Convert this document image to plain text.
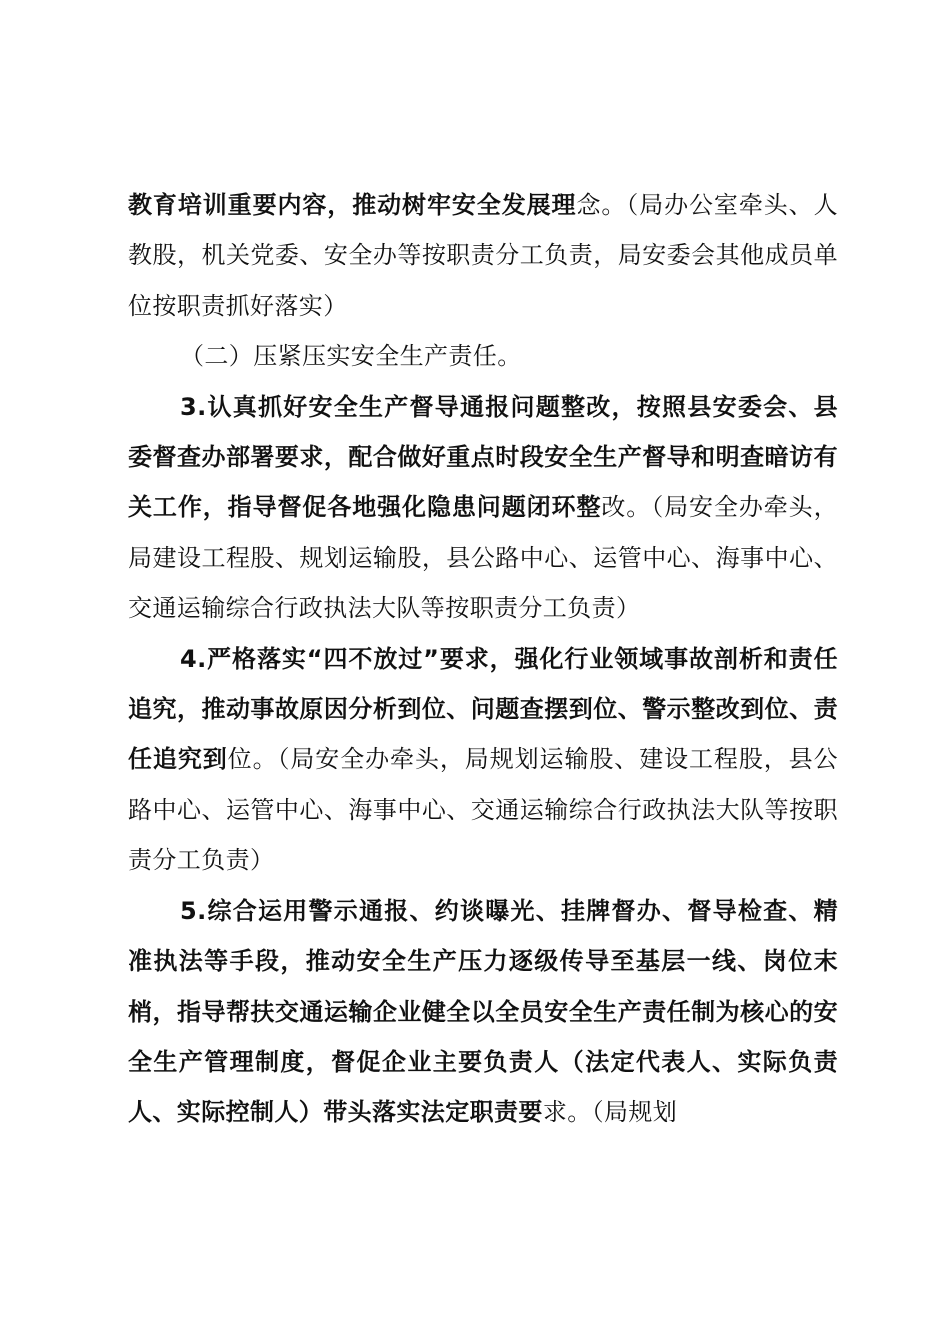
教育培训重要内容，推动树牢安全发展理念。（局办公室牵头、人教股，机关党委、安全办等按职责分工负责，局安委会其他成员单位按职责抓好落实）

（二）压紧压实安全生产责任。

3.认真抓好安全生产督导通报问题整改，按照县安委会、县委督查办部署要求，配合做好重点时段安全生产督导和明查暗访有关工作，指导督促各地强化隐患问题闭环整改。（局安全办牵头，局建设工程股、规划运输股，县公路中心、运管中心、海事中心、交通运输综合行政执法大队等按职责分工负责）

4.严格落实“四不放过”要求，强化行业领域事故剖析和责任追究，推动事故原因分析到位、问题查摆到位、警示整改到位、责任追究到位。（局安全办牵头，局规划运输股、建设工程股，县公路中心、运管中心、海事中心、交通运输综合行政执法大队等按职责分工负责）

5.综合运用警示通报、约谈曝光、挂牌督办、督导检查、精准执法等手段，推动安全生产压力逐级传导至基层一线、岗位末梢，指导帮扶交通运输企业健全以全员安全生产责任制为核心的安全生产管理制度，督促企业主要负责人（法定代表人、实际负责人、实际控制人）带头落实法定职责要求。（局规划
